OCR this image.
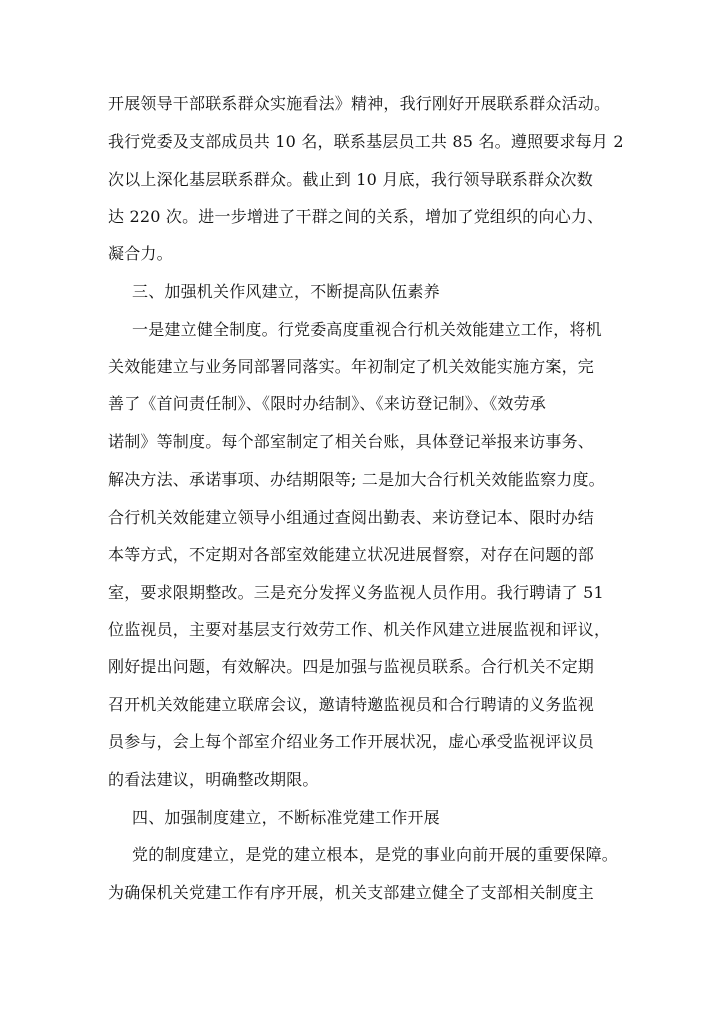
开展领导干部联系群众实施看法》精神，我行刚好开展联系群众活动。
我行党委及支部成员共 10 名，联系基层员工共 85 名。遵照要求每月 2
次以上深化基层联系群众。截止到 10 月底，我行领导联系群众次数
达 220 次。进一步增进了干群之间的关系，增加了党组织的向心力、
凝合力。
三、加强机关作风建立，不断提高队伍素养
一是建立健全制度。行党委高度重视合行机关效能建立工作，将机
关效能建立与业务同部署同落实。年初制定了机关效能实施方案，完
善了《首问责任制》、《限时办结制》、《来访登记制》、《效劳承
诺制》等制度。每个部室制定了相关台账，具体登记举报来访事务、
解决方法、承诺事项、办结期限等; 二是加大合行机关效能监察力度。
合行机关效能建立领导小组通过查阅出勤表、来访登记本、限时办结
本等方式，不定期对各部室效能建立状况进展督察，对存在问题的部
室，要求限期整改。三是充分发挥义务监视人员作用。我行聘请了 51
位监视员，主要对基层支行效劳工作、机关作风建立进展监视和评议，
刚好提出问题，有效解决。四是加强与监视员联系。合行机关不定期
召开机关效能建立联席会议，邀请特邀监视员和合行聘请的义务监视
员参与，会上每个部室介绍业务工作开展状况，虚心承受监视评议员
的看法建议，明确整改期限。
四、加强制度建立，不断标准党建工作开展
党的制度建立，是党的建立根本，是党的事业向前开展的重要保障。
为确保机关党建工作有序开展，机关支部建立健全了支部相关制度主
